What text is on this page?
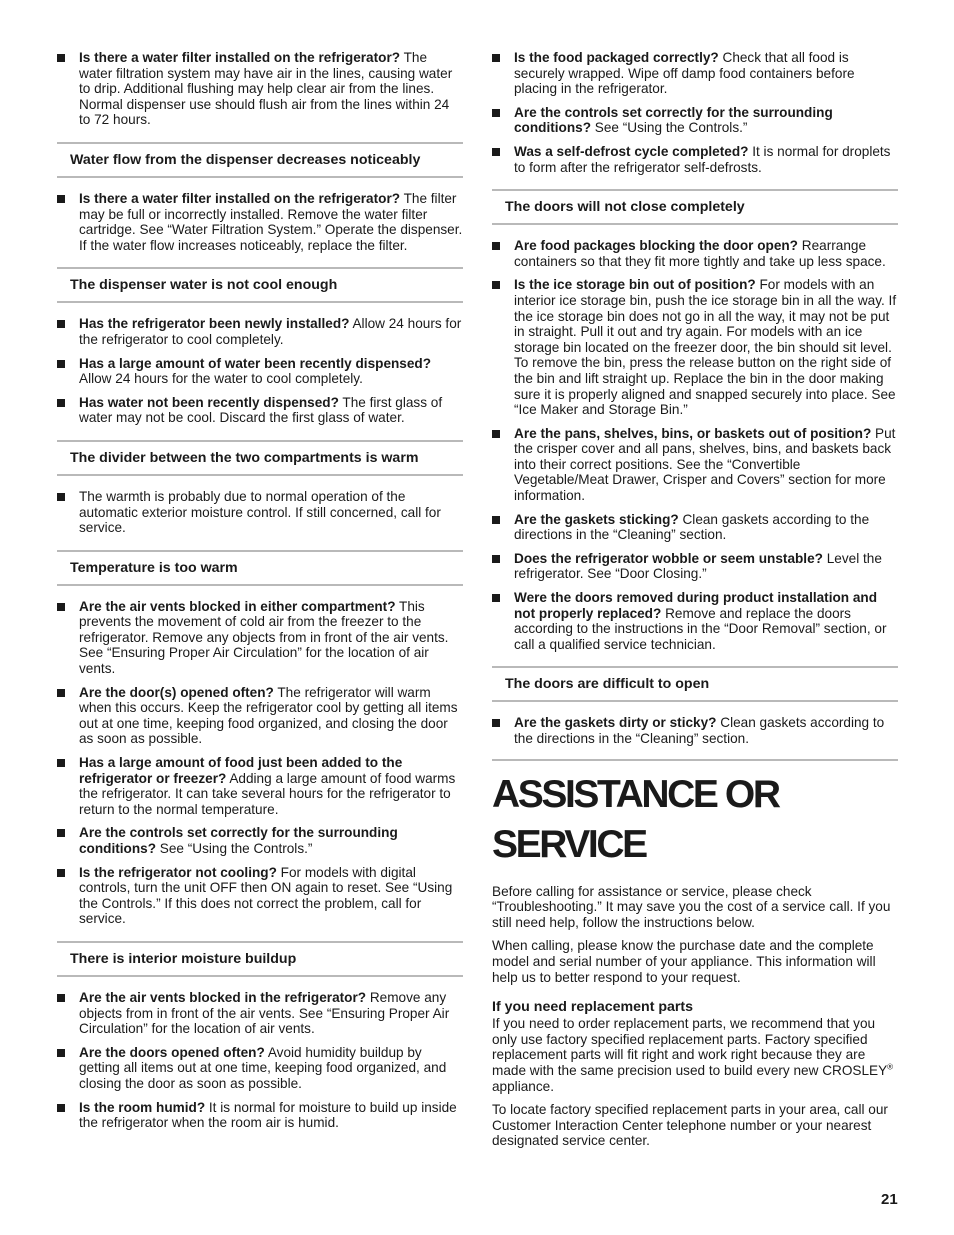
Is there a water filter installed on the refrigerator? The water filtration system may have air in the lines, causing water to drip. Additional flushing may help clear air from the lines. Normal dispenser use should flush air from the lines within 24 to 72 hours.
Water flow from the dispenser decreases noticeably
Is there a water filter installed on the refrigerator? The filter may be full or incorrectly installed. Remove the water filter cartridge. See “Water Filtration System.” Operate the dispenser. If the water flow increases noticeably, replace the filter.
The dispenser water is not cool enough
Has the refrigerator been newly installed? Allow 24 hours for the refrigerator to cool completely.
Has a large amount of water been recently dispensed? Allow 24 hours for the water to cool completely.
Has water not been recently dispensed? The first glass of water may not be cool. Discard the first glass of water.
The divider between the two compartments is warm
The warmth is probably due to normal operation of the automatic exterior moisture control. If still concerned, call for service.
Temperature is too warm
Are the air vents blocked in either compartment? This prevents the movement of cold air from the freezer to the refrigerator. Remove any objects from in front of the air vents. See “Ensuring Proper Air Circulation” for the location of air vents.
Are the door(s) opened often? The refrigerator will warm when this occurs. Keep the refrigerator cool by getting all items out at one time, keeping food organized, and closing the door as soon as possible.
Has a large amount of food just been added to the refrigerator or freezer? Adding a large amount of food warms the refrigerator. It can take several hours for the refrigerator to return to the normal temperature.
Are the controls set correctly for the surrounding conditions? See “Using the Controls.”
Is the refrigerator not cooling? For models with digital controls, turn the unit OFF then ON again to reset. See “Using the Controls.” If this does not correct the problem, call for service.
There is interior moisture buildup
Are the air vents blocked in the refrigerator? Remove any objects from in front of the air vents. See “Ensuring Proper Air Circulation” for the location of air vents.
Are the doors opened often? Avoid humidity buildup by getting all items out at one time, keeping food organized, and closing the door as soon as possible.
Is the room humid? It is normal for moisture to build up inside the refrigerator when the room air is humid.
Is the food packaged correctly? Check that all food is securely wrapped. Wipe off damp food containers before placing in the refrigerator.
Are the controls set correctly for the surrounding conditions? See “Using the Controls.”
Was a self-defrost cycle completed? It is normal for droplets to form after the refrigerator self-defrosts.
The doors will not close completely
Are food packages blocking the door open? Rearrange containers so that they fit more tightly and take up less space.
Is the ice storage bin out of position? For models with an interior ice storage bin, push the ice storage bin in all the way. If the ice storage bin does not go in all the way, it may not be put in straight. Pull it out and try again. For models with an ice storage bin located on the freezer door, the bin should sit level. To remove the bin, press the release button on the right side of the bin and lift straight up. Replace the bin in the door making sure it is properly aligned and snapped securely into place. See “Ice Maker and Storage Bin.”
Are the pans, shelves, bins, or baskets out of position? Put the crisper cover and all pans, shelves, bins, and baskets back into their correct positions. See the “Convertible Vegetable/Meat Drawer, Crisper and Covers” section for more information.
Are the gaskets sticking? Clean gaskets according to the directions in the “Cleaning” section.
Does the refrigerator wobble or seem unstable? Level the refrigerator. See “Door Closing.”
Were the doors removed during product installation and not properly replaced? Remove and replace the doors according to the instructions in the “Door Removal” section, or call a qualified service technician.
The doors are difficult to open
Are the gaskets dirty or sticky? Clean gaskets according to the directions in the “Cleaning” section.
ASSISTANCE OR SERVICE
Before calling for assistance or service, please check “Troubleshooting.” It may save you the cost of a service call. If you still need help, follow the instructions below.
When calling, please know the purchase date and the complete model and serial number of your appliance. This information will help us to better respond to your request.
If you need replacement parts
If you need to order replacement parts, we recommend that you only use factory specified replacement parts. Factory specified replacement parts will fit right and work right because they are made with the same precision used to build every new CROSLEY® appliance.
To locate factory specified replacement parts in your area, call our Customer Interaction Center telephone number or your nearest designated service center.
21
